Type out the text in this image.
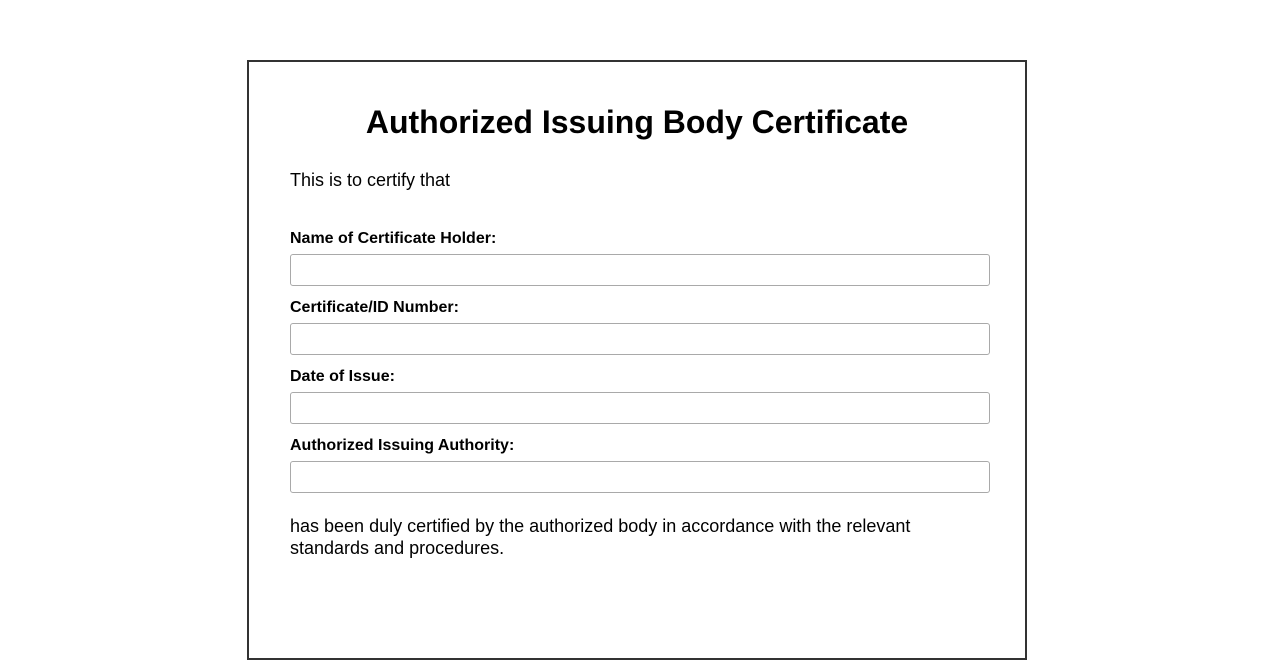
Authorized Issuing Body Certificate

This is to certify that

Name of Certificate Holder:
Certificate/ID Number:
Date of Issue:
Authorized Issuing Authority:

has been duly certified by the authorized body in accordance with the relevant standards and procedures.
